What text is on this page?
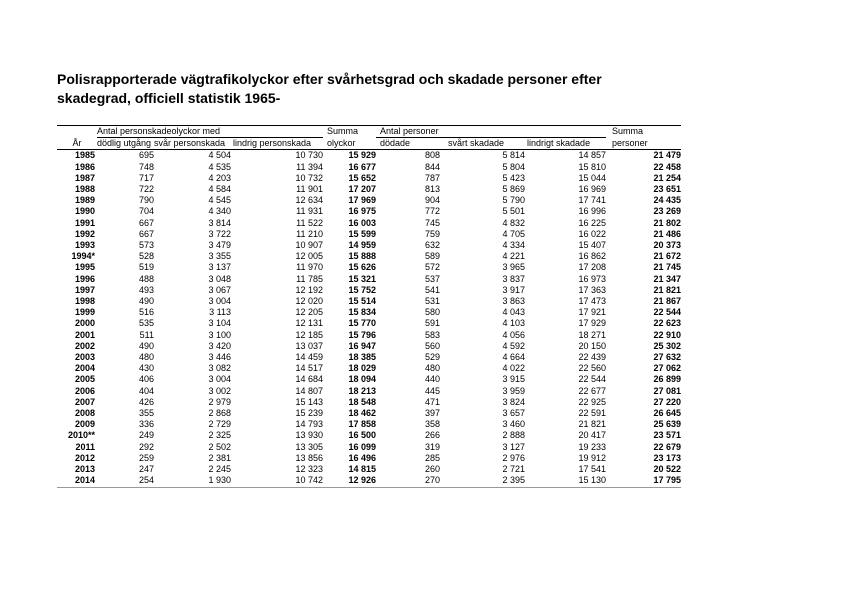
Polisrapporterade vägtrafikolyckor efter svårhetsgrad och skadade personer efter skadegrad, officiell statistik 1965-
	Antal personskadeolyckor med			Summa	Antal personer			Summa
År	dödlig utgång	svår personskada	lindrig personskada	olyckor	dödade	svårt skadade	lindrigt skadade	personer
1985	695	4 504	10 730	15 929	808	5 814	14 857	21 479
1986	748	4 535	11 394	16 677	844	5 804	15 810	22 458
1987	717	4 203	10 732	15 652	787	5 423	15 044	21 254
1988	722	4 584	11 901	17 207	813	5 869	16 969	23 651
1989	790	4 545	12 634	17 969	904	5 790	17 741	24 435
1990	704	4 340	11 931	16 975	772	5 501	16 996	23 269
1991	667	3 814	11 522	16 003	745	4 832	16 225	21 802
1992	667	3 722	11 210	15 599	759	4 705	16 022	21 486
1993	573	3 479	10 907	14 959	632	4 334	15 407	20 373
1994*	528	3 355	12 005	15 888	589	4 221	16 862	21 672
1995	519	3 137	11 970	15 626	572	3 965	17 208	21 745
1996	488	3 048	11 785	15 321	537	3 837	16 973	21 347
1997	493	3 067	12 192	15 752	541	3 917	17 363	21 821
1998	490	3 004	12 020	15 514	531	3 863	17 473	21 867
1999	516	3 113	12 205	15 834	580	4 043	17 921	22 544
2000	535	3 104	12 131	15 770	591	4 103	17 929	22 623
2001	511	3 100	12 185	15 796	583	4 056	18 271	22 910
2002	490	3 420	13 037	16 947	560	4 592	20 150	25 302
2003	480	3 446	14 459	18 385	529	4 664	22 439	27 632
2004	430	3 082	14 517	18 029	480	4 022	22 560	27 062
2005	406	3 004	14 684	18 094	440	3 915	22 544	26 899
2006	404	3 002	14 807	18 213	445	3 959	22 677	27 081
2007	426	2 979	15 143	18 548	471	3 824	22 925	27 220
2008	355	2 868	15 239	18 462	397	3 657	22 591	26 645
2009	336	2 729	14 793	17 858	358	3 460	21 821	25 639
2010**	249	2 325	13 930	16 500	266	2 888	20 417	23 571
2011	292	2 502	13 305	16 099	319	3 127	19 233	22 679
2012	259	2 381	13 856	16 496	285	2 976	19 912	23 173
2013	247	2 245	12 323	14 815	260	2 721	17 541	20 522
2014	254	1 930	10 742	12 926	270	2 395	15 130	17 795
